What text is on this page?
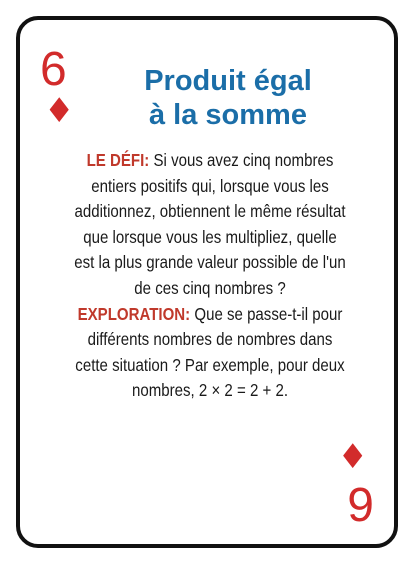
6
♦
Produit égal
à la somme

LE DÉFI: Si vous avez cinq nombres entiers positifs qui, lorsque vous les additionnez, obtiennent le même résultat que lorsque vous les multipliez, quelle est la plus grande valeur possible de l'un de ces cinq nombres ?

EXPLORATION: Que se passe-t-il pour différents nombres de nombres dans cette situation ? Par exemple, pour deux nombres, 2 × 2 = 2 + 2.

♦
9
